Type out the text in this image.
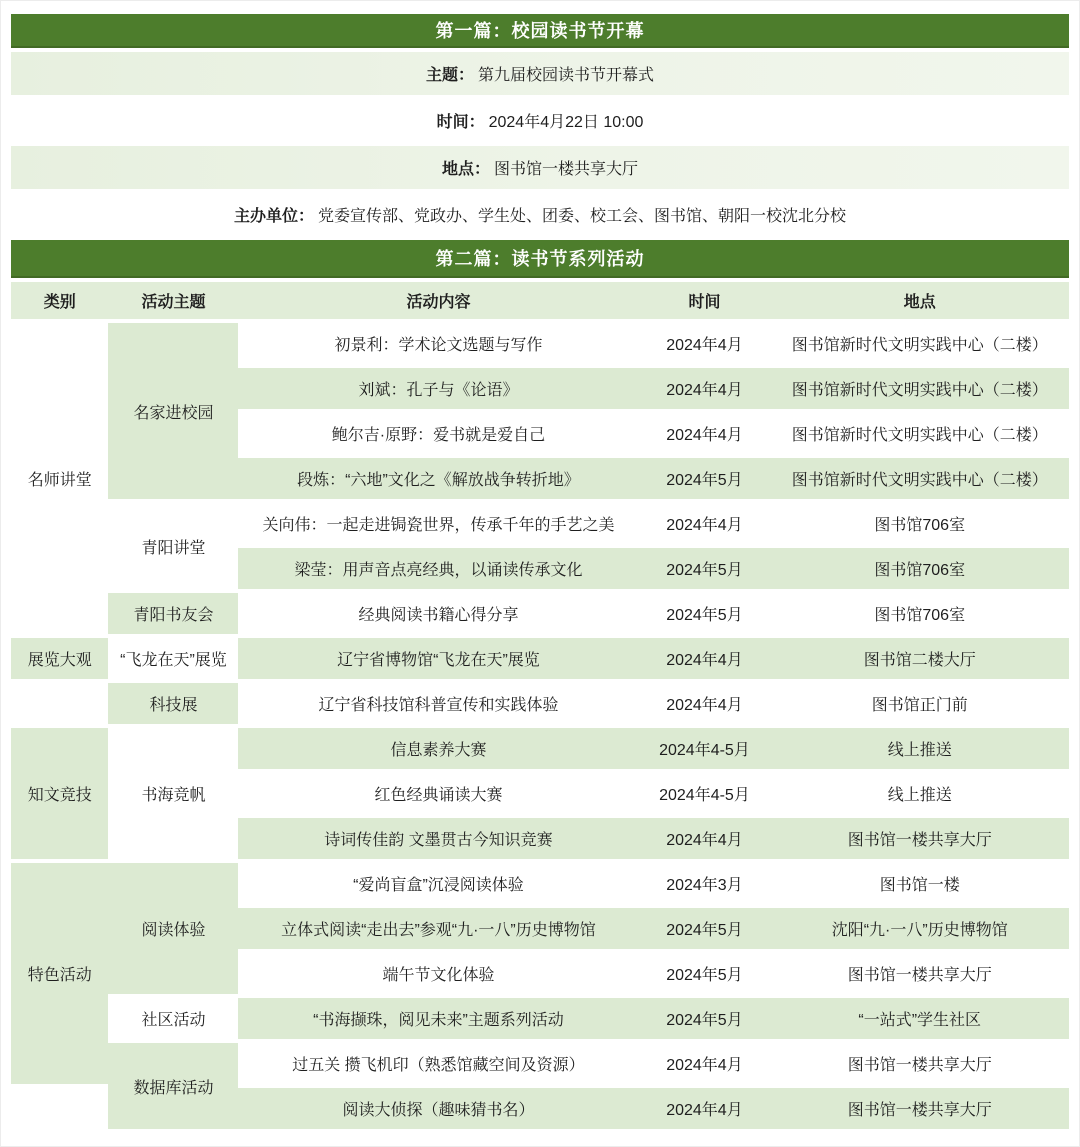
第一篇：校园读书节开幕
主题： 第九届校园读书节开幕式
时间： 2024年4月22日 10:00
地点： 图书馆一楼共享大厅
主办单位： 党委宣传部、党政办、学生处、团委、校工会、图书馆、朝阳一校沈北分校
第二篇：读书节系列活动
类别	活动主题	活动内容	时间	地点
名师讲堂	名家进校园	初景利：学术论文选题与写作	2024年4月	图书馆新时代文明实践中心（二楼）
		刘斌：孔子与《论语》	2024年4月	图书馆新时代文明实践中心（二楼）
		鲍尔吉·原野：爱书就是爱自己	2024年4月	图书馆新时代文明实践中心（二楼）
		段炼：“六地”文化之《解放战争转折地》	2024年5月	图书馆新时代文明实践中心（二楼）
	青阳讲堂	关向伟：一起走进锔瓷世界，传承千年的手艺之美	2024年4月	图书馆706室
		梁莹：用声音点亮经典，以诵读传承文化	2024年5月	图书馆706室
	青阳书友会	经典阅读书籍心得分享	2024年5月	图书馆706室
展览大观	“飞龙在天”展览	辽宁省博物馆“飞龙在天”展览	2024年4月	图书馆二楼大厅
	科技展	辽宁省科技馆科普宣传和实践体验	2024年4月	图书馆正门前
知文竞技	书海竞帆	信息素养大赛	2024年4-5月	线上推送
		红色经典诵读大赛	2024年4-5月	线上推送
		诗词传佳韵 文墨贯古今知识竞赛	2024年4月	图书馆一楼共享大厅
特色活动	阅读体验	“爱尚盲盒”沉浸阅读体验	2024年3月	图书馆一楼
		立体式阅读“走出去”参观“九·一八”历史博物馆	2024年5月	沈阳“九·一八”历史博物馆
		端午节文化体验	2024年5月	图书馆一楼共享大厅
	社区活动	“书海撷珠，阅见未来”主题系列活动	2024年5月	“一站式”学生社区
	数据库活动	过五关 攒飞机印（熟悉馆藏空间及资源）	2024年4月	图书馆一楼共享大厅
		阅读大侦探（趣味猜书名）	2024年4月	图书馆一楼共享大厅
